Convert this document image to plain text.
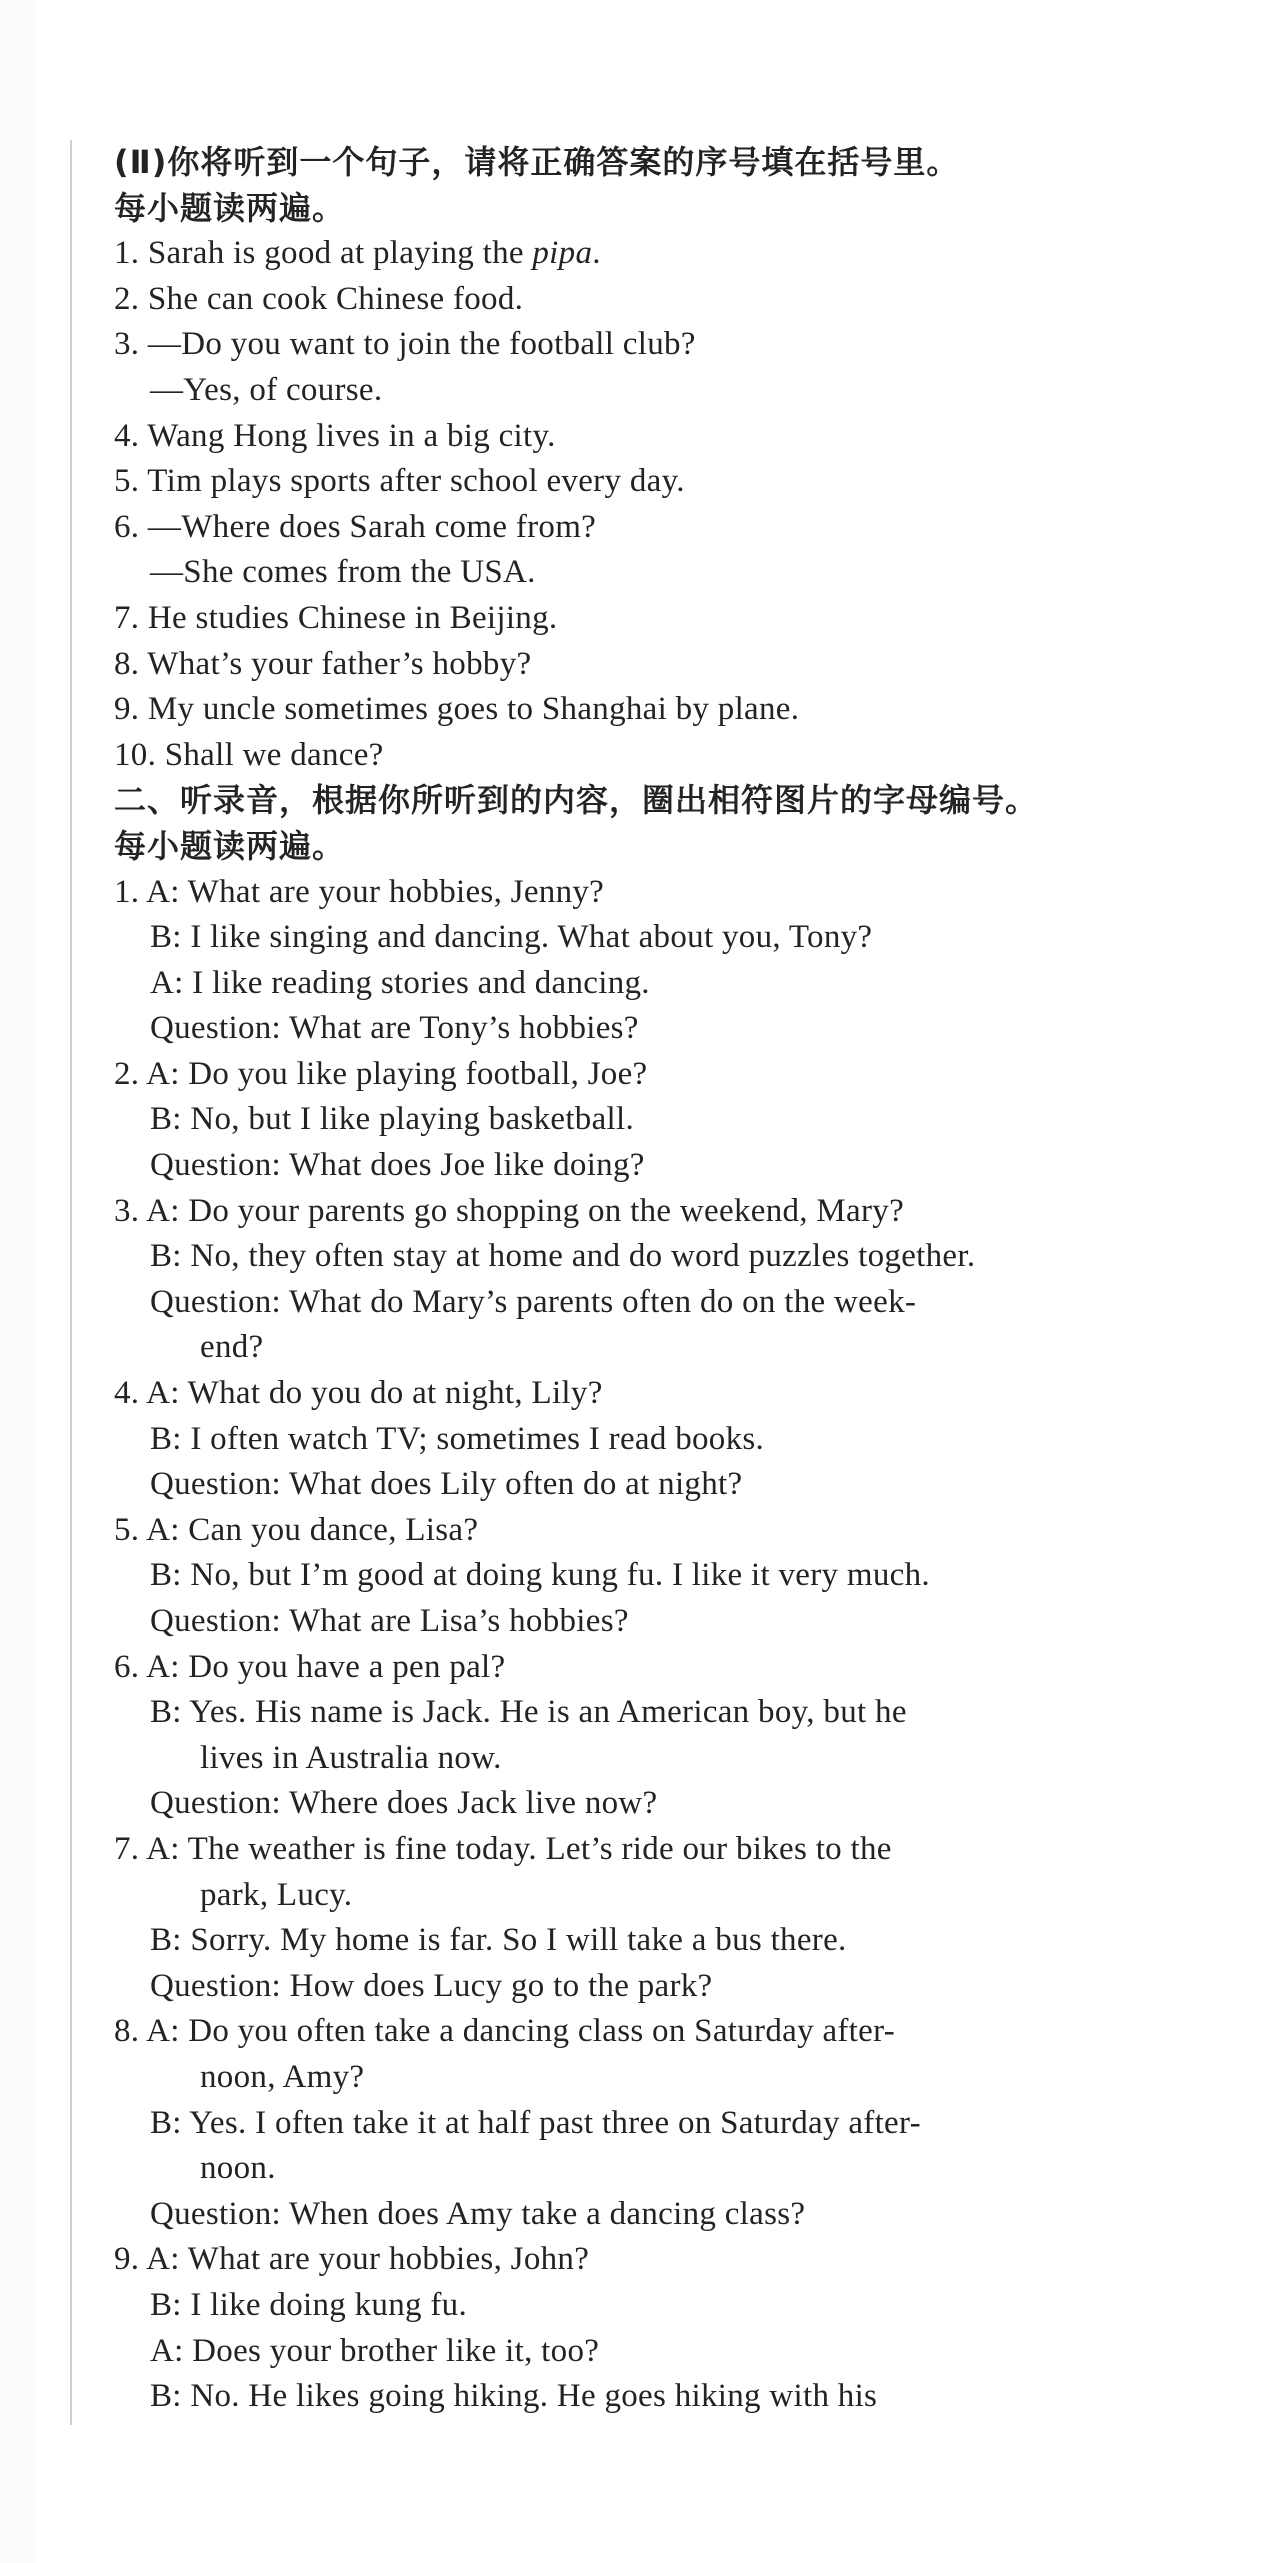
(Ⅱ)你将听到一个句子，请将正确答案的序号填在括号里。
每小题读两遍。
1. Sarah is good at playing the pipa.
2. She can cook Chinese food.
3. —Do you want to join the football club?
—Yes, of course.
4. Wang Hong lives in a big city.
5. Tim plays sports after school every day.
6. —Where does Sarah come from?
—She comes from the USA.
7. He studies Chinese in Beijing.
8. What’s your father’s hobby?
9. My uncle sometimes goes to Shanghai by plane.
10. Shall we dance?
二、听录音，根据你所听到的内容，圈出相符图片的字母编号。
每小题读两遍。
1. A: What are your hobbies, Jenny?
B: I like singing and dancing. What about you, Tony?
A: I like reading stories and dancing.
Question: What are Tony’s hobbies?
2. A: Do you like playing football, Joe?
B: No, but I like playing basketball.
Question: What does Joe like doing?
3. A: Do your parents go shopping on the weekend, Mary?
B: No, they often stay at home and do word puzzles together.
Question: What do Mary’s parents often do on the week-
end?
4. A: What do you do at night, Lily?
B: I often watch TV; sometimes I read books.
Question: What does Lily often do at night?
5. A: Can you dance, Lisa?
B: No, but I’m good at doing kung fu. I like it very much.
Question: What are Lisa’s hobbies?
6. A: Do you have a pen pal?
B: Yes. His name is Jack. He is an American boy, but he
lives in Australia now.
Question: Where does Jack live now?
7. A: The weather is fine today. Let’s ride our bikes to the
park, Lucy.
B: Sorry. My home is far. So I will take a bus there.
Question: How does Lucy go to the park?
8. A: Do you often take a dancing class on Saturday after-
noon, Amy?
B: Yes. I often take it at half past three on Saturday after-
noon.
Question: When does Amy take a dancing class?
9. A: What are your hobbies, John?
B: I like doing kung fu.
A: Does your brother like it, too?
B: No. He likes going hiking. He goes hiking with his
